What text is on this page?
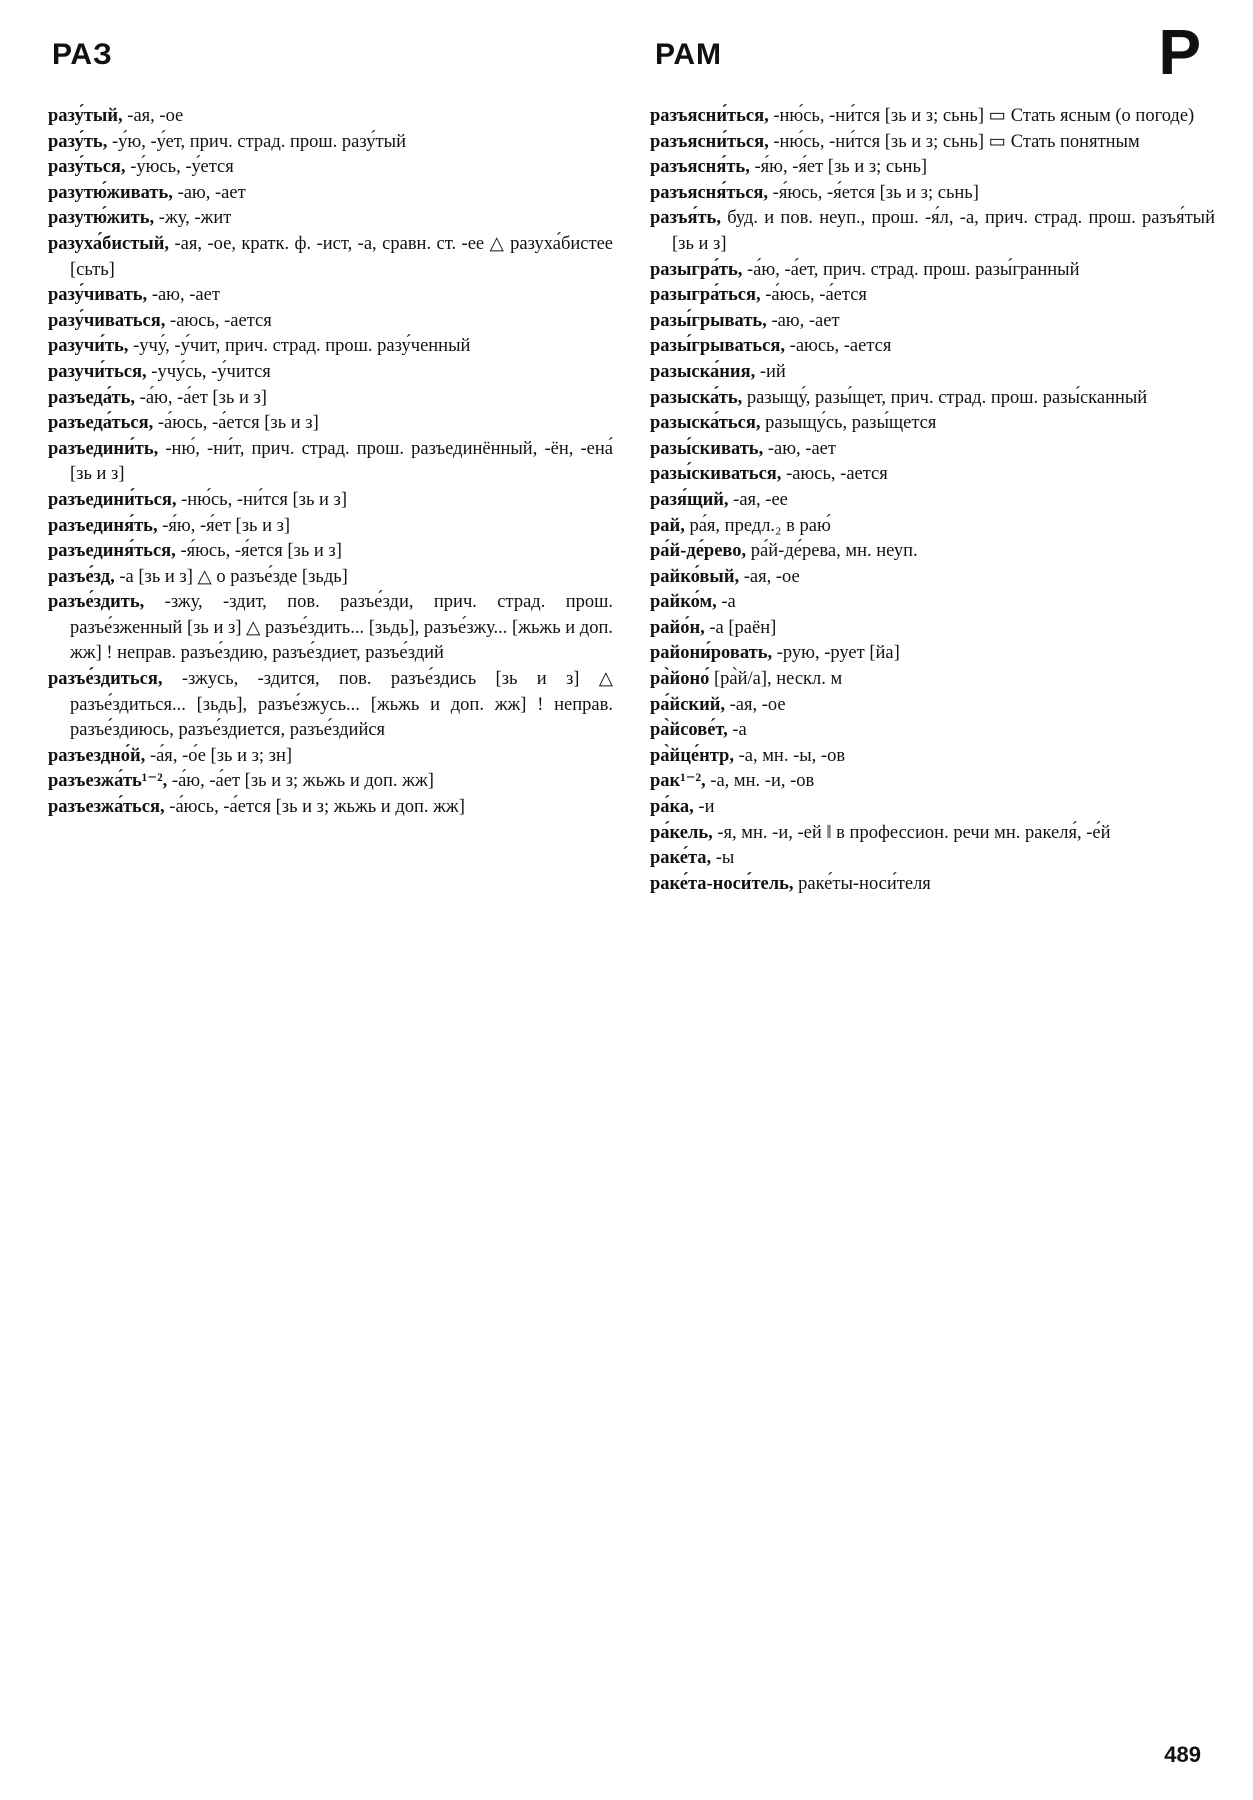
РАЗ	РАМ	Р

разу́тый, -ая, -ое

разу́ть, -у́ю, -у́ет, прич. страд. прош. разу́тый

разу́ться, -у́юсь, -у́ется

разутю́живать, -аю, -ает

разутю́жить, -жу, -жит

разуха́бистый, -ая, -ое, кратк. ф. -ист, -а, сравн. ст. -ее △ разуха́бистее [сьть]

разу́чивать, -аю, -ает

разу́чиваться, -аюсь, -ается

разучи́ть, -учу́, -у́чит, прич. страд. прош. разу́ченный

разучи́ться, -учу́сь, -у́чится

разъеда́ть, -а́ю, -а́ет [зь и з]

разъеда́ться, -а́юсь, -а́ется [зь и з]

разъедини́ть, -ню́, -ни́т, прич. страд. прош. разъединённый, -ён, -ена́ [зь и з]

разъедини́ться, -ню́сь, -ни́тся [зь и з]

разъединя́ть, -я́ю, -я́ет [зь и з]

разъединя́ться, -я́юсь, -я́ется [зь и з]

разъе́зд, -а [зь и з] △ о разъе́зде [зьдь]

разъе́здить, -зжу, -здит, пов. разъе́зди, прич. страд. прош. разъе́зженный [зь и з] △ разъе́здить... [зьдь], разъе́зжу... [жьжь и доп. жж] ! неправ. разъе́здию, разъе́здиет, разъе́здий

разъе́здиться, -зжусь, -здится, пов. разъе́здись [зь и з] △ разъе́здиться... [зьдь], разъе́зжусь... [жьжь и доп. жж] ! неправ. разъе́здиюсь, разъе́здиется, разъе́здийся

разъездно́й, -а́я, -о́е [зь и з; зн]

разъезжа́ть¹⁻², -а́ю, -а́ет [зь и з; жьжь и доп. жж]

разъезжа́ться, -а́юсь, -а́ется [зь и з; жьжь и доп. жж]

разъясни́ться, -ню́сь, -ни́тся [зь и з; сьнь] ▭ Стать ясным (о погоде)

разъясни́ться, -ню́сь, -ни́тся [зь и з; сьнь] ▭ Стать понятным

разъясня́ть, -я́ю, -я́ет [зь и з; сьнь]

разъясня́ться, -я́юсь, -я́ется [зь и з; сьнь]

разъя́ть, буд. и пов. неуп., прош. -я́л, -а, прич. страд. прош. разъя́тый [зь и з]

разыгра́ть, -а́ю, -а́ет, прич. страд. прош. разы́гранный

разыгра́ться, -а́юсь, -а́ется

разы́грывать, -аю, -ает

разы́грываться, -аюсь, -ается

разыска́ния, -ий

разыска́ть, разыщу́, разы́щет, прич. страд. прош. разы́сканный

разыска́ться, разыщу́сь, разы́щется

разы́скивать, -аю, -ает

разы́скиваться, -аюсь, -ается

разя́щий, -ая, -ее

рай, ра́я, предл.₂ в раю́

ра́й-де́рево, ра́й-де́рева, мн. неуп.

райко́вый, -ая, -ое

райко́м, -а

райо́н, -а [раён]

райони́ровать, -рую, -рует [йа]

ра̀йоно́ [ра̀й/а], нескл. м

ра́йский, -ая, -ое

ра̀йсове́т, -а

ра̀йце́нтр, -а, мн. -ы, -ов

рак¹⁻², -а, мн. -и, -ов

ра́ка, -и

ра́кель, -я, мн. -и, -ей ‖ в профессион. речи мн. ракеля́, -е́й

раке́та, -ы

раке́та-носи́тель, раке́ты-носи́теля

489
